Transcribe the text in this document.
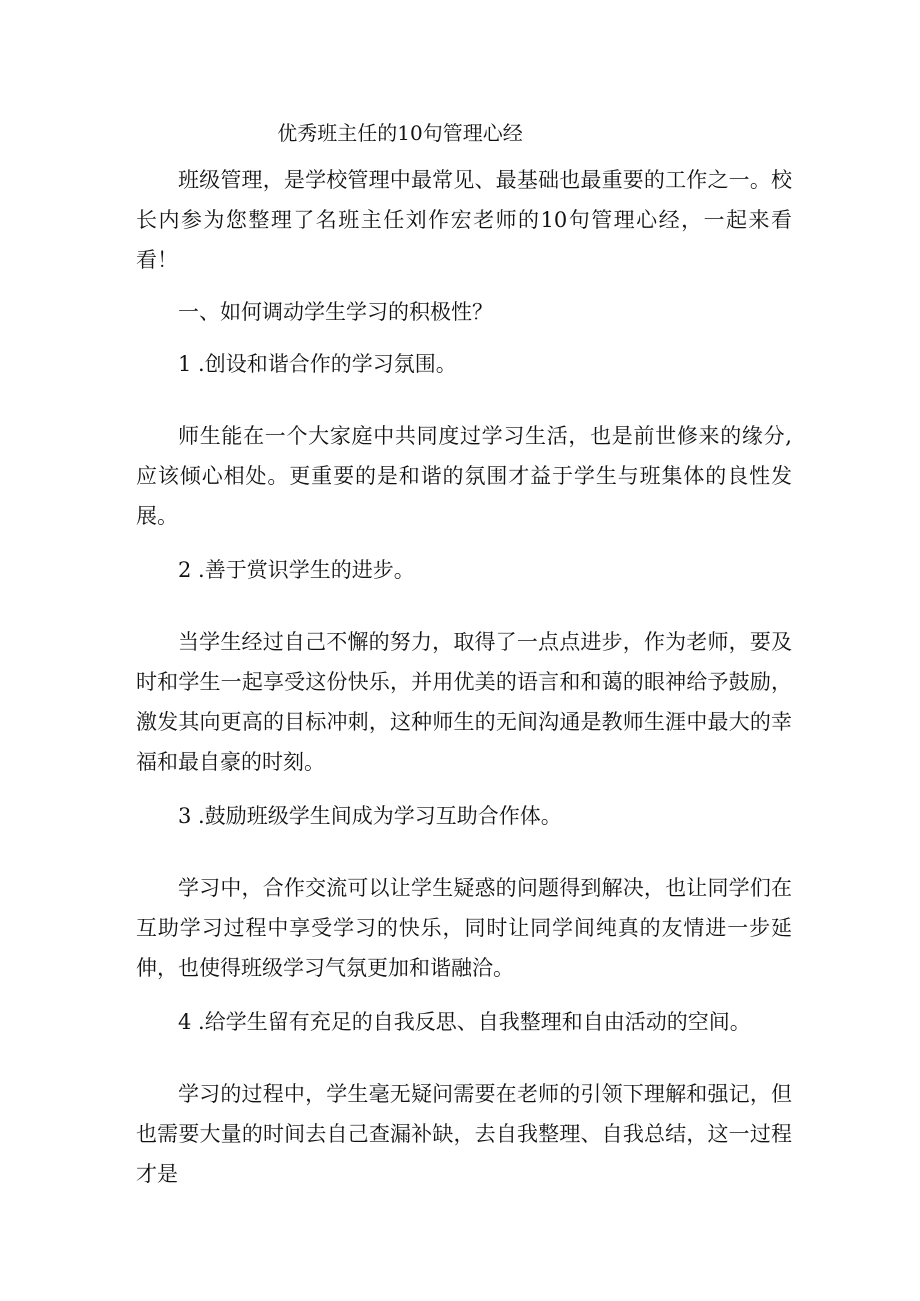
优秀班主任的10句管理心经

班级管理，是学校管理中最常见、最基础也最重要的工作之一。校长内参为您整理了名班主任刘作宏老师的10句管理心经，一起来看看！

一、如何调动学生学习的积极性？

1 .创设和谐合作的学习氛围。

师生能在一个大家庭中共同度过学习生活，也是前世修来的缘分,应该倾心相处。更重要的是和谐的氛围才益于学生与班集体的良性发展。

2 .善于赏识学生的进步。

当学生经过自己不懈的努力，取得了一点点进步，作为老师，要及时和学生一起享受这份快乐，并用优美的语言和和蔼的眼神给予鼓励，激发其向更高的目标冲刺，这种师生的无间沟通是教师生涯中最大的幸福和最自豪的时刻。

3 .鼓励班级学生间成为学习互助合作体。

学习中，合作交流可以让学生疑惑的问题得到解决，也让同学们在互助学习过程中享受学习的快乐，同时让同学间纯真的友情进一步延伸，也使得班级学习气氛更加和谐融洽。

4 .给学生留有充足的自我反思、自我整理和自由活动的空间。

学习的过程中，学生毫无疑问需要在老师的引领下理解和强记，但也需要大量的时间去自己查漏补缺，去自我整理、自我总结，这一过程才是
